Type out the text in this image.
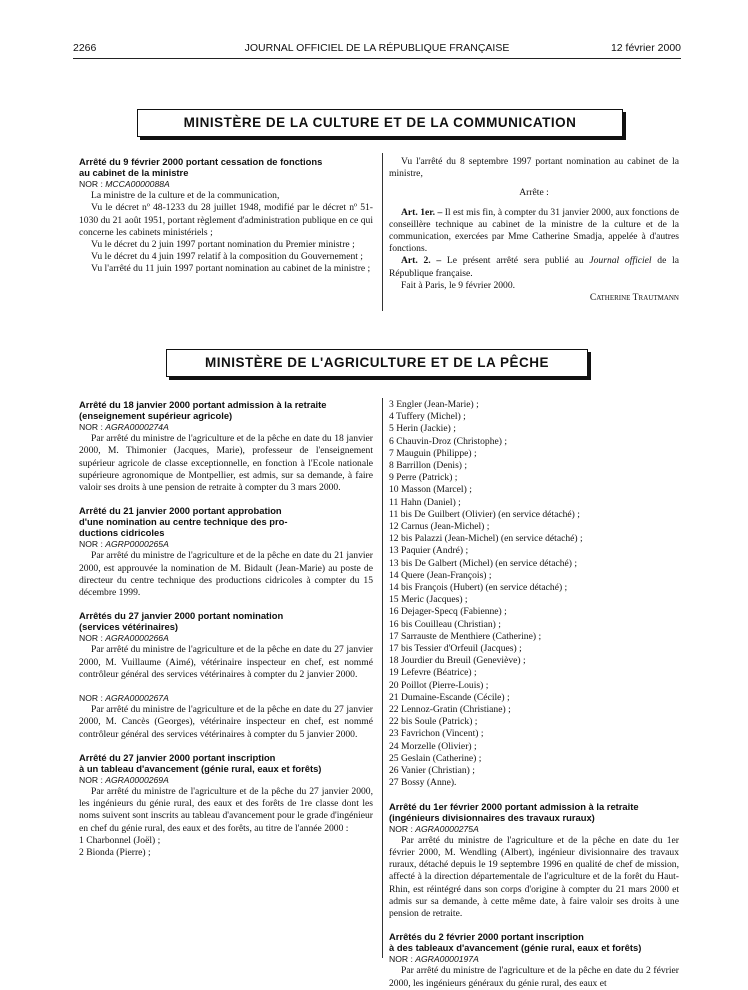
2266	JOURNAL OFFICIEL DE LA RÉPUBLIQUE FRANÇAISE	12 février 2000
MINISTÈRE DE LA CULTURE ET DE LA COMMUNICATION

Arrêté du 9 février 2000 portant cessation de fonctions

au cabinet de la ministre

NOR : MCCA0000088A

La ministre de la culture et de la communication,

Vu le décret nº 48-1233 du 28 juillet 1948, modifié par le décret nº 51-1030 du 21 août 1951, portant règlement d'administration publique en ce qui concerne les cabinets ministériels ;

Vu le décret du 2 juin 1997 portant nomination du Premier ministre ;

Vu le décret du 4 juin 1997 relatif à la composition du Gouvernement ;

Vu l'arrêté du 11 juin 1997 portant nomination au cabinet de la ministre ;

Vu l'arrêté du 8 septembre 1997 portant nomination au cabinet de la ministre,

Arrête :

Art. 1er. – Il est mis fin, à compter du 31 janvier 2000, aux fonctions de conseillère technique au cabinet de la ministre de la culture et de la communication, exercées par Mme Catherine Smadja, appelée à d'autres fonctions.

Art. 2. – Le présent arrêté sera publié au Journal officiel de la République française.

Fait à Paris, le 9 février 2000.

Catherine Trautmann

MINISTÈRE DE L'AGRICULTURE ET DE LA PÊCHE

Arrêté du 18 janvier 2000 portant admission à la retraite

(enseignement supérieur agricole)

NOR : AGRA0000274A

Par arrêté du ministre de l'agriculture et de la pêche en date du 18 janvier 2000, M. Thimonier (Jacques, Marie), professeur de l'enseignement supérieur agricole de classe exceptionnelle, en fonction à l'Ecole nationale supérieure agronomique de Montpellier, est admis, sur sa demande, à faire valoir ses droits à une pension de retraite à compter du 3 mars 2000.

Arrêté du 21 janvier 2000 portant approbation

d'une nomination au centre technique des pro-

ductions cidricoles

NOR : AGRP0000265A

Par arrêté du ministre de l'agriculture et de la pêche en date du 21 janvier 2000, est approuvée la nomination de M. Bidault (Jean-Marie) au poste de directeur du centre technique des productions cidricoles à compter du 15 décembre 1999.

Arrêtés du 27 janvier 2000 portant nomination

(services vétérinaires)

NOR : AGRA0000266A

Par arrêté du ministre de l'agriculture et de la pêche en date du 27 janvier 2000, M. Vuillaume (Aimé), vétérinaire inspecteur en chef, est nommé contrôleur général des services vétérinaires à compter du 2 janvier 2000.

NOR : AGRA0000267A

Par arrêté du ministre de l'agriculture et de la pêche en date du 27 janvier 2000, M. Cancès (Georges), vétérinaire inspecteur en chef, est nommé contrôleur général des services vétérinaires à compter du 5 janvier 2000.

Arrêté du 27 janvier 2000 portant inscription

à un tableau d'avancement (génie rural, eaux et forêts)

NOR : AGRA0000269A

Par arrêté du ministre de l'agriculture et de la pêche du 27 janvier 2000, les ingénieurs du génie rural, des eaux et des forêts de 1re classe dont les noms suivent sont inscrits au tableau d'avancement pour le grade d'ingénieur en chef du génie rural, des eaux et des forêts, au titre de l'année 2000 :

1 Charbonnel (Joël) ;

2 Bionda (Pierre) ;

3 Engler (Jean-Marie) ;

4 Tuffery (Michel) ;

5 Herin (Jackie) ;

6 Chauvin-Droz (Christophe) ;

7 Mauguin (Philippe) ;

8 Barrillon (Denis) ;

9 Perre (Patrick) ;

10 Masson (Marcel) ;

11 Hahn (Daniel) ;

11 bis De Guilbert (Olivier) (en service détaché) ;

12 Carnus (Jean-Michel) ;

12 bis Palazzi (Jean-Michel) (en service détaché) ;

13 Paquier (André) ;

13 bis De Galbert (Michel) (en service détaché) ;

14 Quere (Jean-François) ;

14 bis François (Hubert) (en service détaché) ;

15 Meric (Jacques) ;

16 Dejager-Specq (Fabienne) ;

16 bis Couilleau (Christian) ;

17 Sarrauste de Menthiere (Catherine) ;

17 bis Tessier d'Orfeuil (Jacques) ;

18 Jourdier du Breuil (Geneviève) ;

19 Lefevre (Béatrice) ;

20 Poillot (Pierre-Louis) ;

21 Dumaine-Escande (Cécile) ;

22 Lennoz-Gratin (Christiane) ;

22 bis Soule (Patrick) ;

23 Favrichon (Vincent) ;

24 Morzelle (Olivier) ;

25 Geslain (Catherine) ;

26 Vanier (Christian) ;

27 Bossy (Anne).

Arrêté du 1er février 2000 portant admission à la retraite

(ingénieurs divisionnaires des travaux ruraux)

NOR : AGRA0000275A

Par arrêté du ministre de l'agriculture et de la pêche en date du 1er février 2000, M. Wendling (Albert), ingénieur divisionnaire des travaux ruraux, détaché depuis le 19 septembre 1996 en qualité de chef de mission, affecté à la direction départementale de l'agriculture et de la forêt du Haut-Rhin, est réintégré dans son corps d'origine à compter du 21 mars 2000 et admis sur sa demande, à cette même date, à faire valoir ses droits à une pension de retraite.

Arrêtés du 2 février 2000 portant inscription

à des tableaux d'avancement (génie rural, eaux et forêts)

NOR : AGRA0000197A

Par arrêté du ministre de l'agriculture et de la pêche en date du 2 février 2000, les ingénieurs généraux du génie rural, des eaux et
